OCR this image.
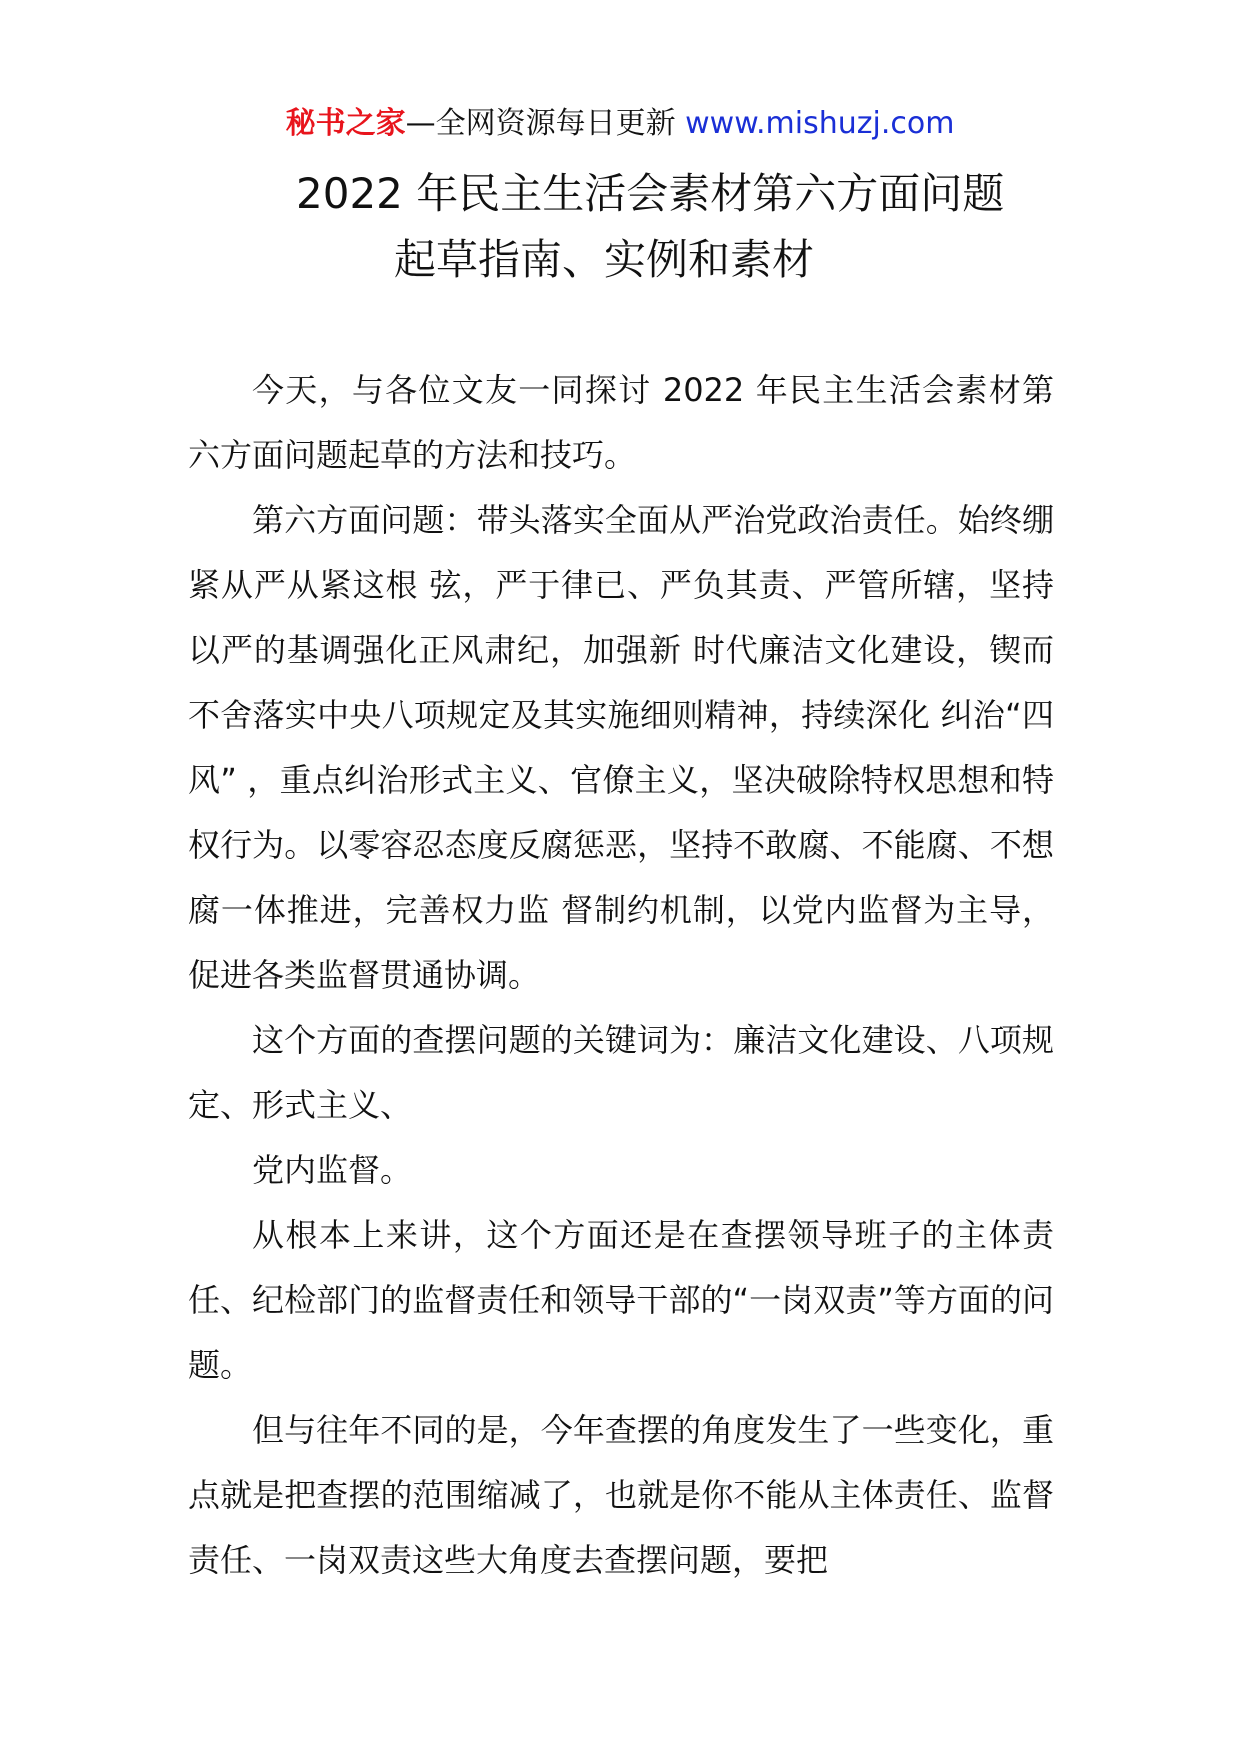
秘书之家—全网资源每日更新 www.mishuzj.com
2022 年民主生活会素材第六方面问题
起草指南、实例和素材

今天，与各位文友一同探讨 2022 年民主生活会素材第六方面问题起草的方法和技巧。

第六方面问题：带头落实全面从严治党政治责任。始终绷紧从严从紧这根 弦，严于律已、严负其责、严管所辖，坚持以严的基调强化正风肃纪，加强新 时代廉洁文化建设，锲而不舍落实中央八项规定及其实施细则精神，持续深化 纠治“四风” ，重点纠治形式主义、官僚主义，坚决破除特权思想和特权行为。以零容忍态度反腐惩恶，坚持不敢腐、不能腐、不想腐一体推进，完善权力监 督制约机制，以党内监督为主导，促进各类监督贯通协调。

这个方面的查摆问题的关键词为：廉洁文化建设、八项规定、形式主义、

党内监督。

从根本上来讲，这个方面还是在查摆领导班子的主体责任、纪检部门的监督责任和领导干部的“一岗双责”等方面的问题。

但与往年不同的是，今年查摆的角度发生了一些变化，重点就是把查摆的范围缩减了，也就是你不能从主体责任、监督责任、一岗双责这些大角度去查摆问题，要把
